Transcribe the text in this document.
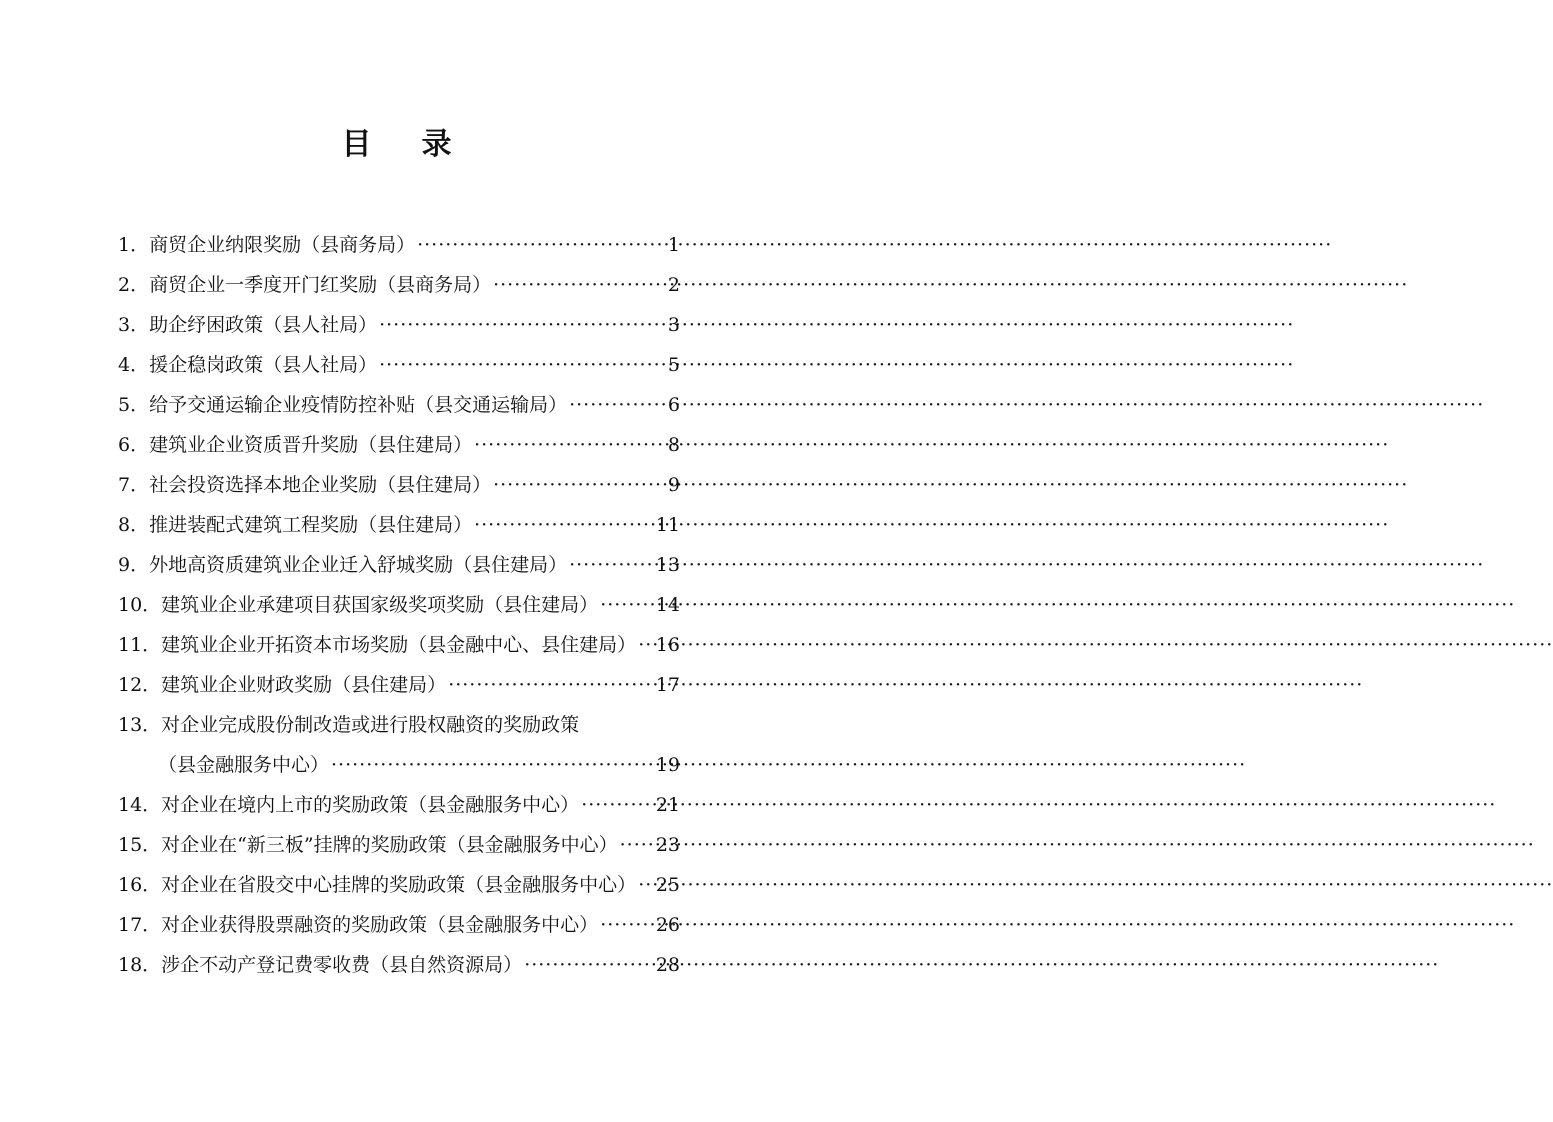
目 录
1．商贸企业纳限奖励（县商务局） ·····	1
2．商贸企业一季度开门红奖励（县商务局） ·····	2
3．助企纾困政策（县人社局） ·····	3
4．援企稳岗政策（县人社局） ·····	5
5．给予交通运输企业疫情防控补贴（县交通运输局） ·····	6
6．建筑业企业资质晋升奖励（县住建局） ·····	8
7．社会投资选择本地企业奖励（县住建局） ·····	9
8．推进装配式建筑工程奖励（县住建局） ·····	11
9．外地高资质建筑业企业迁入舒城奖励（县住建局） ·····	13
10．建筑业企业承建项目获国家级奖项奖励（县住建局） ·····	14
11．建筑业企业开拓资本市场奖励（县金融中心、县住建局） ····· 16
12．建筑业企业财政奖励（县住建局） ·····	17
13．对企业完成股份制改造或进行股权融资的奖励政策
（县金融服务中心） ·····	19
14．对企业在境内上市的奖励政策（县金融服务中心） ·····	21
15．对企业在“新三板”挂牌的奖励政策（县金融服务中心） ····· 23
16．对企业在省股交中心挂牌的奖励政策（县金融服务中心） ····· 25
17．对企业获得股票融资的奖励政策（县金融服务中心） ·····	26
18．涉企不动产登记费零收费（县自然资源局） ·····	28
